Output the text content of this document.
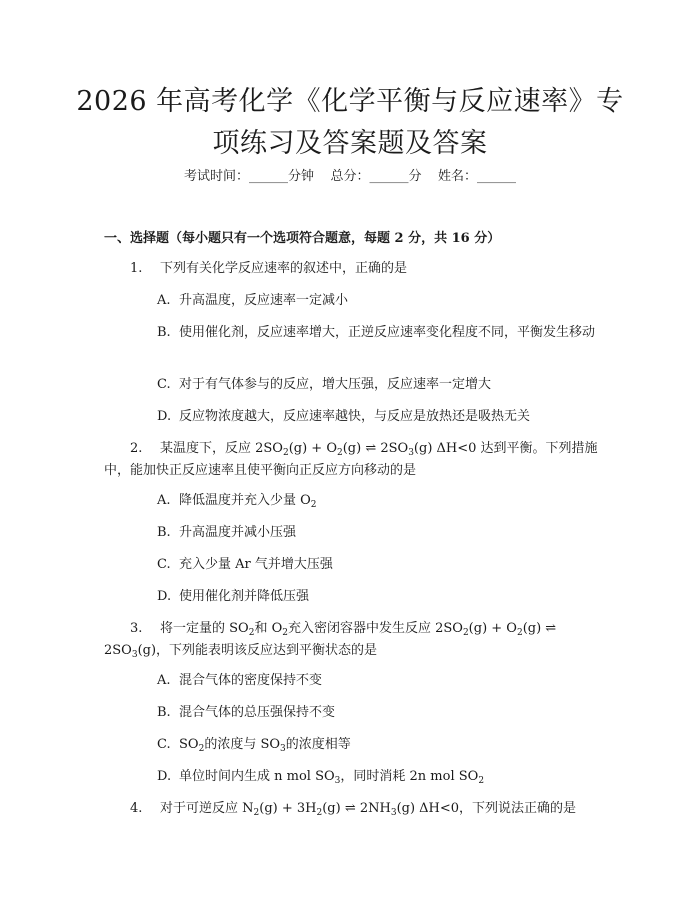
2026 年高考化学《化学平衡与反应速率》专
项练习及答案题及答案
考试时间：______分钟    总分：______分    姓名：______
一、选择题（每小题只有一个选项符合题意，每题 2 分，共 16 分）
1. 下列有关化学反应速率的叙述中，正确的是
A. 升高温度，反应速率一定减小
B. 使用催化剂，反应速率增大，正逆反应速率变化程度不同，平衡发生移动
C. 对于有气体参与的反应，增大压强，反应速率一定增大
D. 反应物浓度越大，反应速率越快，与反应是放热还是吸热无关
2. 某温度下，反应 $2SO_2(g) + O_2(g)$ ⇌ $2SO_3(g)$ ΔH<0 达到平衡。下列措施中，能加快正反应速率且使平衡向正反应方向移动的是
A. 降低温度并充入少量 $O_2$
B. 升高温度并减小压强
C. 充入少量 Ar 气并增大压强
D. 使用催化剂并降低压强
3. 将一定量的 $SO_2$和 $O_2$充入密闭容器中发生反应 $2SO_2(g) + O_2(g)$ ⇌ $2SO_3(g)$，下列能表明该反应达到平衡状态的是
A. 混合气体的密度保持不变
B. 混合气体的总压强保持不变
C. $SO_2$的浓度与 $SO_3$的浓度相等
D. 单位时间内生成 n mol $SO_3$，同时消耗 2n mol $SO_2$
4. 对于可逆反应 $N_2(g) + 3H_2(g)$ ⇌ $2NH_3(g)$ ΔH<0，下列说法正确的是
